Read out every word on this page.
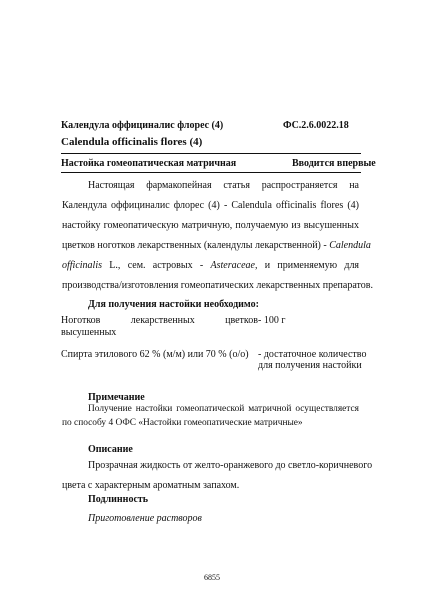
Календула оффициналис флорес (4)	ФС.2.6.0022.18
Calendula officinalis flores (4)
Настойка гомеопатическая матричная	Вводится впервые
Настоящая фармакопейная статья распространяется на
Календула оффициналис флорес (4) - Calendula officinalis flores (4)
настойку гомеопатическую матричную, получаемую из высушенных
цветков ноготков лекарственных (календулы лекарственной) - Calendula
officinalis L., сем. астровых - Asteraceae, и применяемую для
производства/изготовления гомеопатических лекарственных препаратов.
Для получения настойки необходимо:
Ноготков лекарственных цветков
высушенных
- 100 г
Спирта этилового 62 % (м/м) или 70 % (о/о) - достаточное количество
для получения настойки
Примечание
Получение настойки гомеопатической матричной осуществляется
по способу 4 ОФС «Настойки гомеопатические матричные»
Описание
Прозрачная жидкость от желто-оранжевого до светло-коричневого
цвета с характерным ароматным запахом.
Подлинность
Приготовление растворов
6855
